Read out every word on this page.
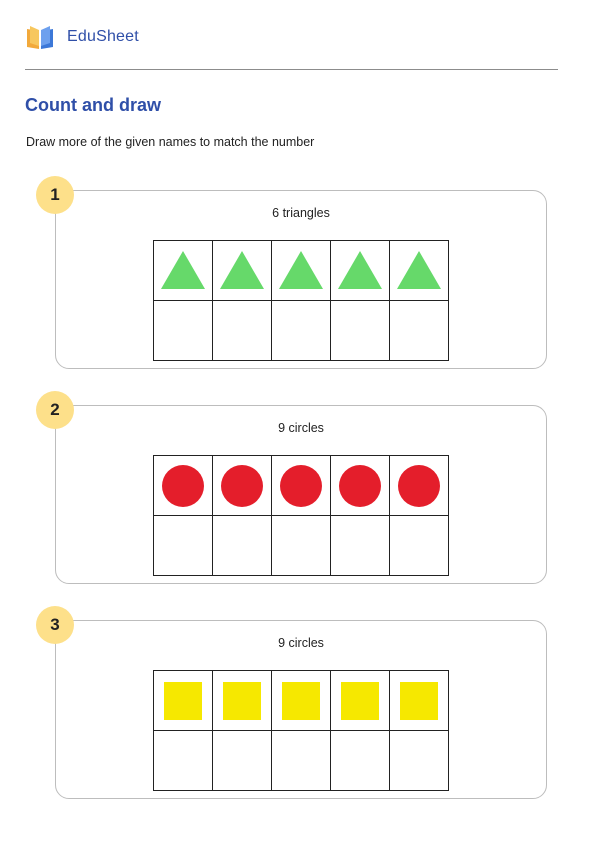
EduSheet
Count and draw
Draw more of the given names to match the number
6 triangles

1
9 circles

2
9 circles

3
